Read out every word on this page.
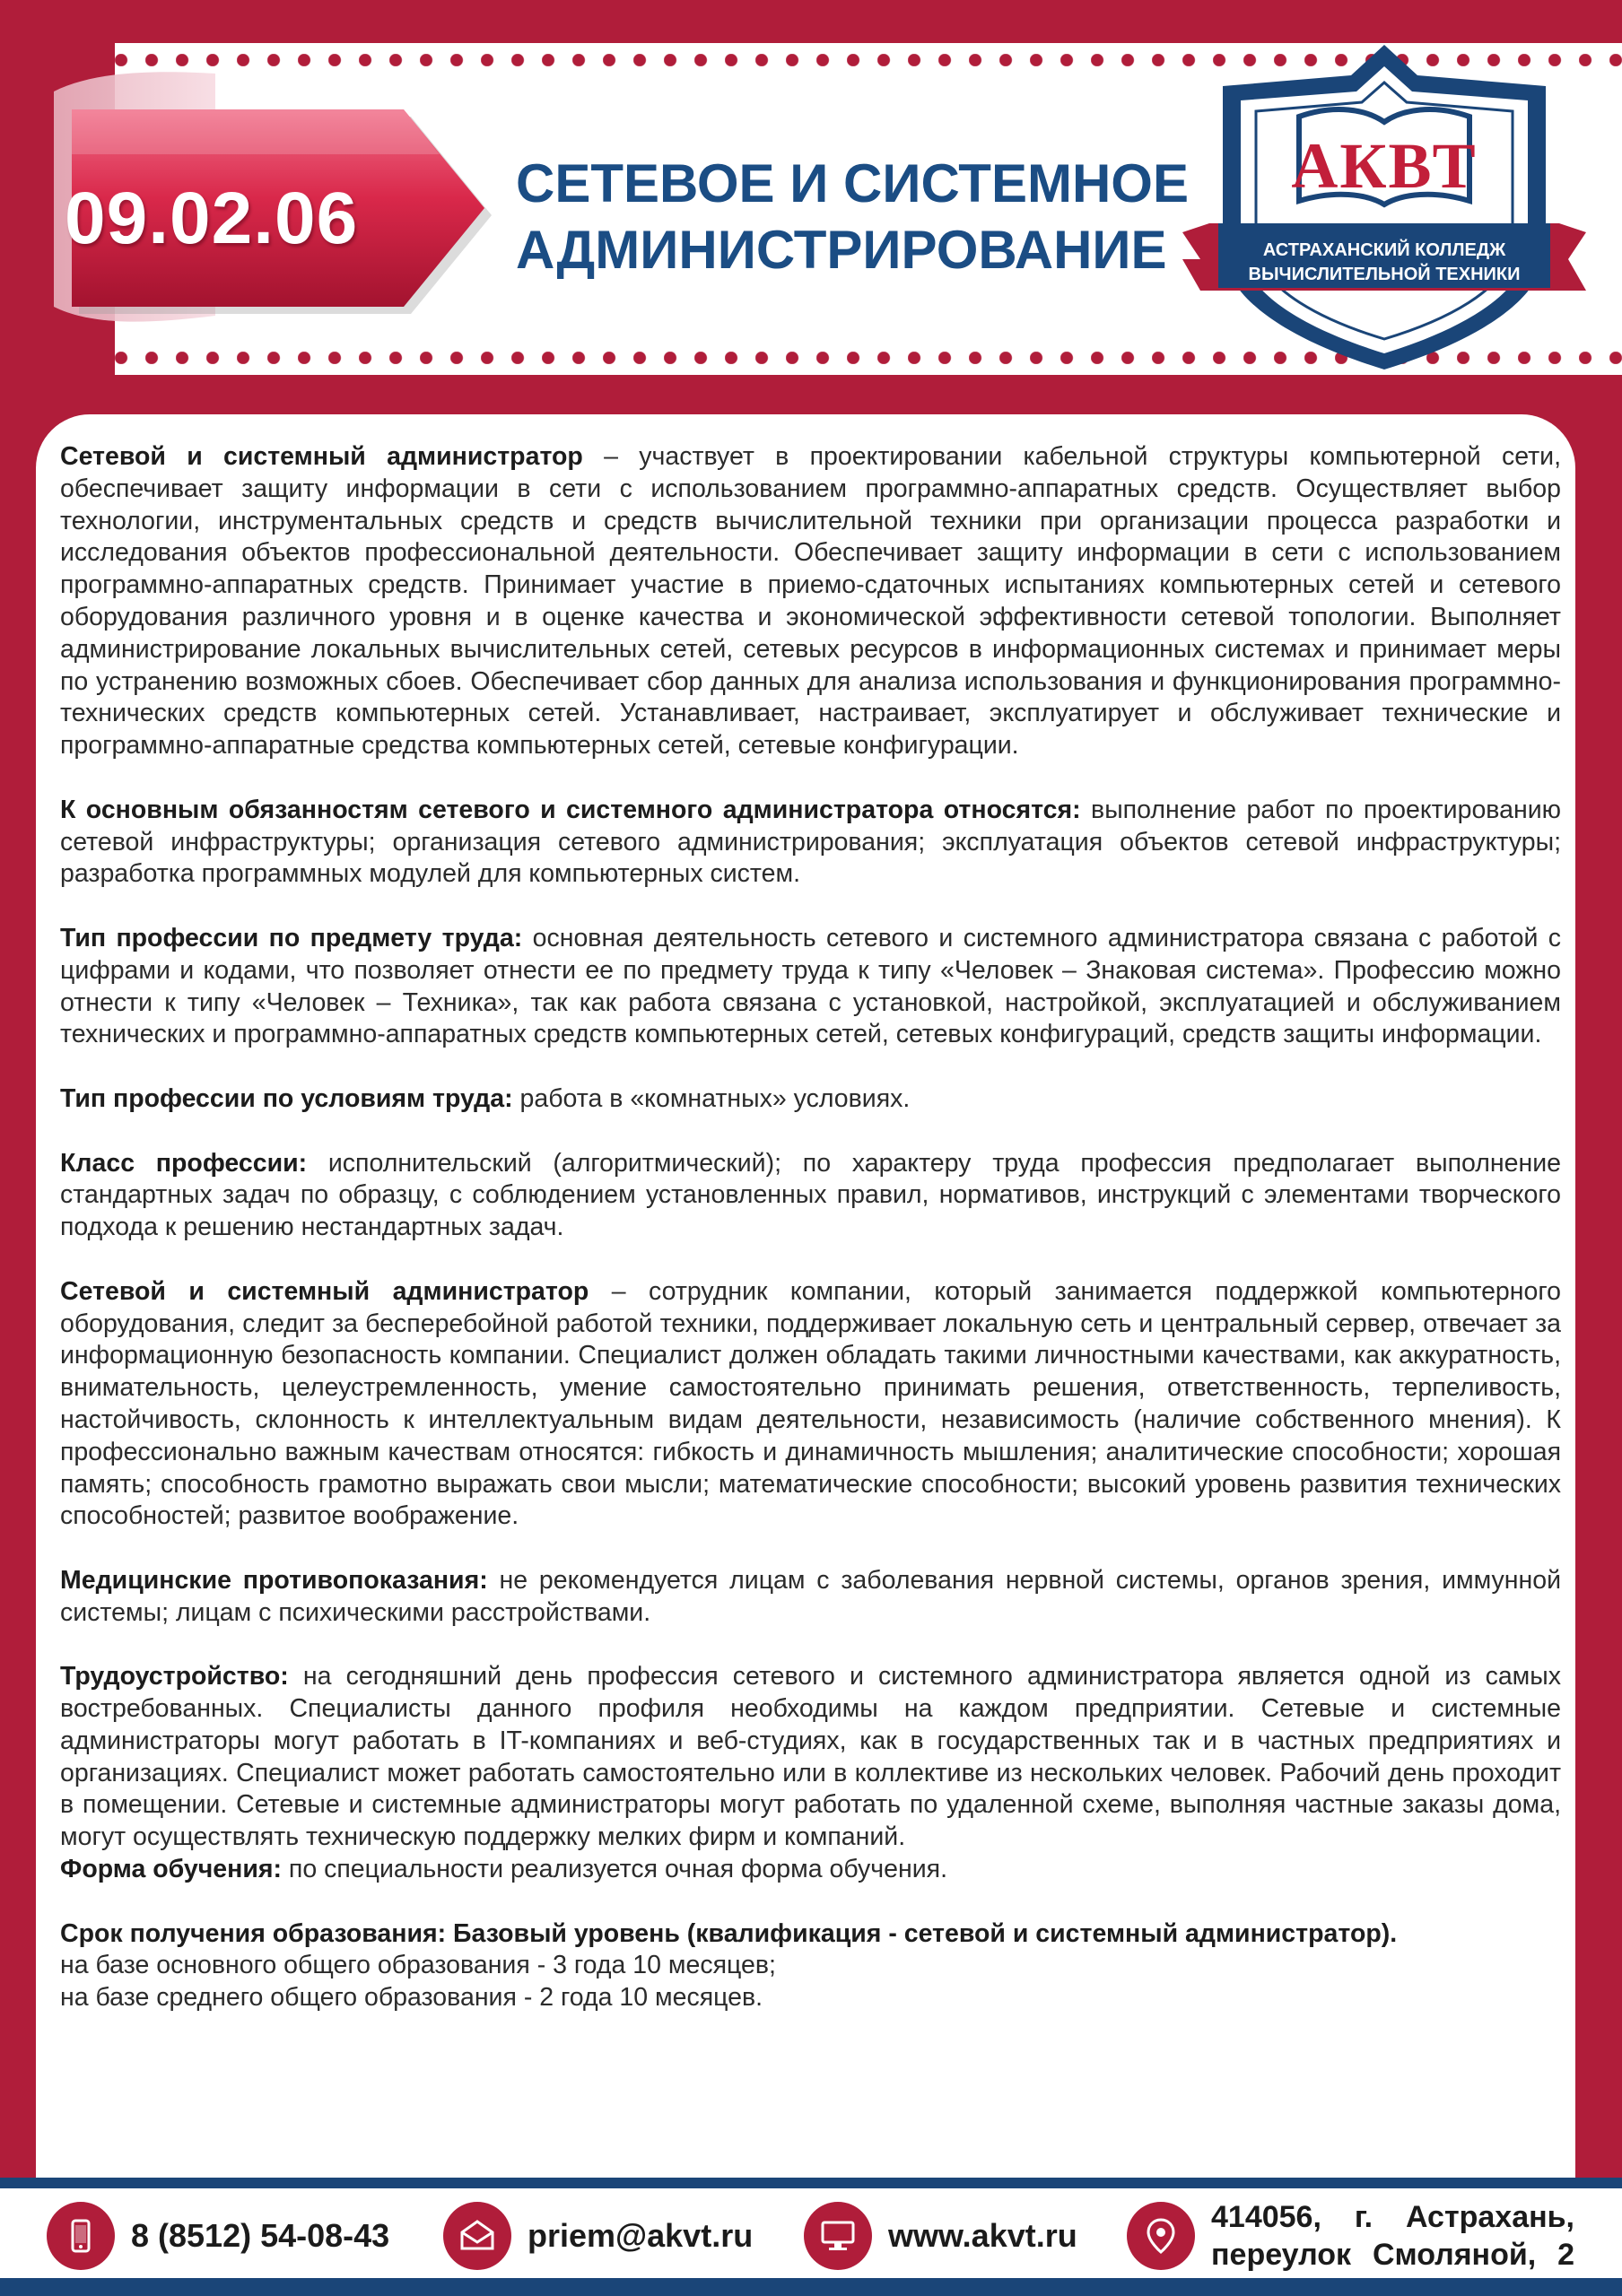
09.02.06	СЕТЕВОЕ И СИСТЕМНОЕ
АДМИНИСТРИРОВАНИЕ
АКВТ
АСТРАХАНСКИЙ КОЛЛЕДЖ
ВЫЧИСЛИТЕЛЬНОЙ ТЕХНИКИ

Сетевой и системный администратор – участвует в проектировании кабельной структуры компьютерной сети, обеспечивает защиту информации в сети с использованием программно-аппаратных средств. Осуществляет выбор технологии, инструментальных средств и средств вычислительной техники при организации процесса разработки и исследования объектов профессиональной деятельности. Обеспечивает защиту информации в сети с использованием программно-аппаратных средств. Принимает участие в приемо-сдаточных испытаниях компьютерных сетей и сетевого оборудования различного уровня и в оценке качества и экономической эффективности сетевой топологии. Выполняет администрирование локальных вычислительных сетей, сетевых ресурсов в информационных системах и принимает меры по устранению возможных сбоев. Обеспечивает сбор данных для анализа использования и функционирования программно-технических средств компьютерных сетей. Устанавливает, настраивает, эксплуатирует и обслуживает технические и программно-аппаратные средства компьютерных сетей, сетевые конфигурации.

К основным обязанностям сетевого и системного администратора относятся: выполнение работ по проектированию сетевой инфраструктуры; организация сетевого администрирования; эксплуатация объектов сетевой инфраструктуры; разработка программных модулей для компьютерных систем.

Тип профессии по предмету труда: основная деятельность сетевого и системного администратора связана с работой с цифрами и кодами, что позволяет отнести ее по предмету труда к типу «Человек – Знаковая система». Профессию можно отнести к типу «Человек – Техника», так как работа связана с установкой, настройкой, эксплуатацией и обслуживанием технических и программно-аппаратных средств компьютерных сетей, сетевых конфигураций, средств защиты информации.

Тип профессии по условиям труда: работа в «комнатных» условиях.

Класс профессии: исполнительский (алгоритмический); по характеру труда профессия предполагает выполнение стандартных задач по образцу, с соблюдением установленных правил, нормативов, инструкций с элементами творческого подхода к решению нестандартных задач.

Сетевой и системный администратор – сотрудник компании, который занимается поддержкой компьютерного оборудования, следит за бесперебойной работой техники, поддерживает локальную сеть и центральный сервер, отвечает за информационную безопасность компании. Специалист должен обладать такими личностными качествами, как аккуратность, внимательность, целеустремленность, умение самостоятельно принимать решения, ответственность, терпеливость, настойчивость, склонность к интеллектуальным видам деятельности, независимость (наличие собственного мнения). К профессионально важным качествам относятся: гибкость и динамичность мышления; аналитические способности; хорошая память; способность грамотно выражать свои мысли; математические способности; высокий уровень развития технических способностей; развитое воображение.

Медицинские противопоказания: не рекомендуется лицам с заболевания нервной системы, органов зрения, иммунной системы; лицам с психическими расстройствами.

Трудоустройство: на сегодняшний день профессия сетевого и системного администратора является одной из самых востребованных. Специалисты данного профиля необходимы на каждом предприятии. Сетевые и системные администраторы могут работать в IT-компаниях и веб-студиях, как в государственных так и в частных предприятиях и организациях. Специалист может работать самостоятельно или в коллективе из нескольких человек. Рабочий день проходит в помещении. Сетевые и системные администраторы могут работать по удаленной схеме, выполняя частные заказы дома, могут осуществлять техническую поддержку мелких фирм и компаний.

Форма обучения: по специальности реализуется очная форма обучения.

Срок получения образования: Базовый уровень (квалификация - сетевой и системный администратор).
на базе основного общего образования - 3 года 10 месяцев;
на базе среднего общего образования - 2 года 10 месяцев.

8 (8512) 54-08-43	priem@akvt.ru	www.akvt.ru	414056, г. Астрахань,
переулок Смоляной, 2
